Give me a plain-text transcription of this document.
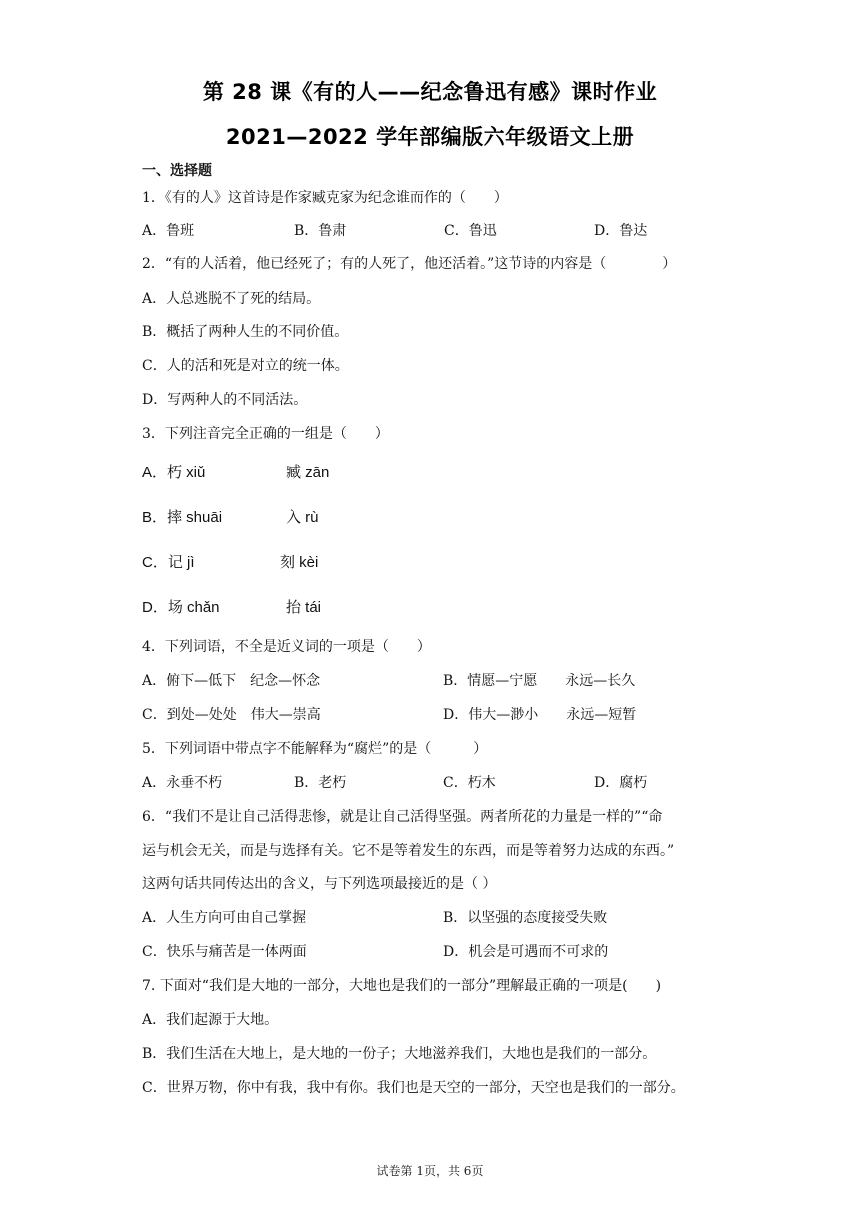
第 28 课《有的人——纪念鲁迅有感》课时作业
2021—2022 学年部编版六年级语文上册
一、选择题
1．《有的人》这首诗是作家臧克家为纪念谁而作的（　　）
A．鲁班	B．鲁肃	C．鲁迅	D．鲁达
2．“有的人活着，他已经死了；有的人死了，他还活着。”这节诗的内容是（　　　　）
A．人总逃脱不了死的结局。
B．概括了两种人生的不同价值。
C．人的活和死是对立的统一体。
D．写两种人的不同活法。
3．下列注音完全正确的一组是（　　）
A．朽 xiǔ	臧 zān
B．摔 shuāi	入 rù
C．记 jì	刻 kèi
D．场 chǎn	抬 tái
4．下列词语，不全是近义词的一项是（　　）
A．俯下—低下　纪念—怀念	B．情愿—宁愿　　永远—长久
C．到处—处处　伟大—崇高	D．伟大—渺小　　永远—短暂
5．下列词语中带点字不能解释为“腐烂”的是（　　　）
A．永垂不朽	B．老朽	C．朽木	D．腐朽
6．“我们不是让自己活得悲惨，就是让自己活得坚强。两者所花的力量是一样的”“命
运与机会无关，而是与选择有关。它不是等着发生的东西，而是等着努力达成的东西。”
这两句话共同传达出的含义，与下列选项最接近的是（ ）
A．人生方向可由自己掌握	B．以坚强的态度接受失败
C．快乐与痛苦是一体两面	D．机会是可遇而不可求的
7. 下面对“我们是大地的一部分，大地也是我们的一部分”理解最正确的一项是(　　)
A．我们起源于大地。
B．我们生活在大地上，是大地的一份子；大地滋养我们，大地也是我们的一部分。
C．世界万物，你中有我，我中有你。我们也是天空的一部分，天空也是我们的一部分。
试卷第 1页，共 6页
